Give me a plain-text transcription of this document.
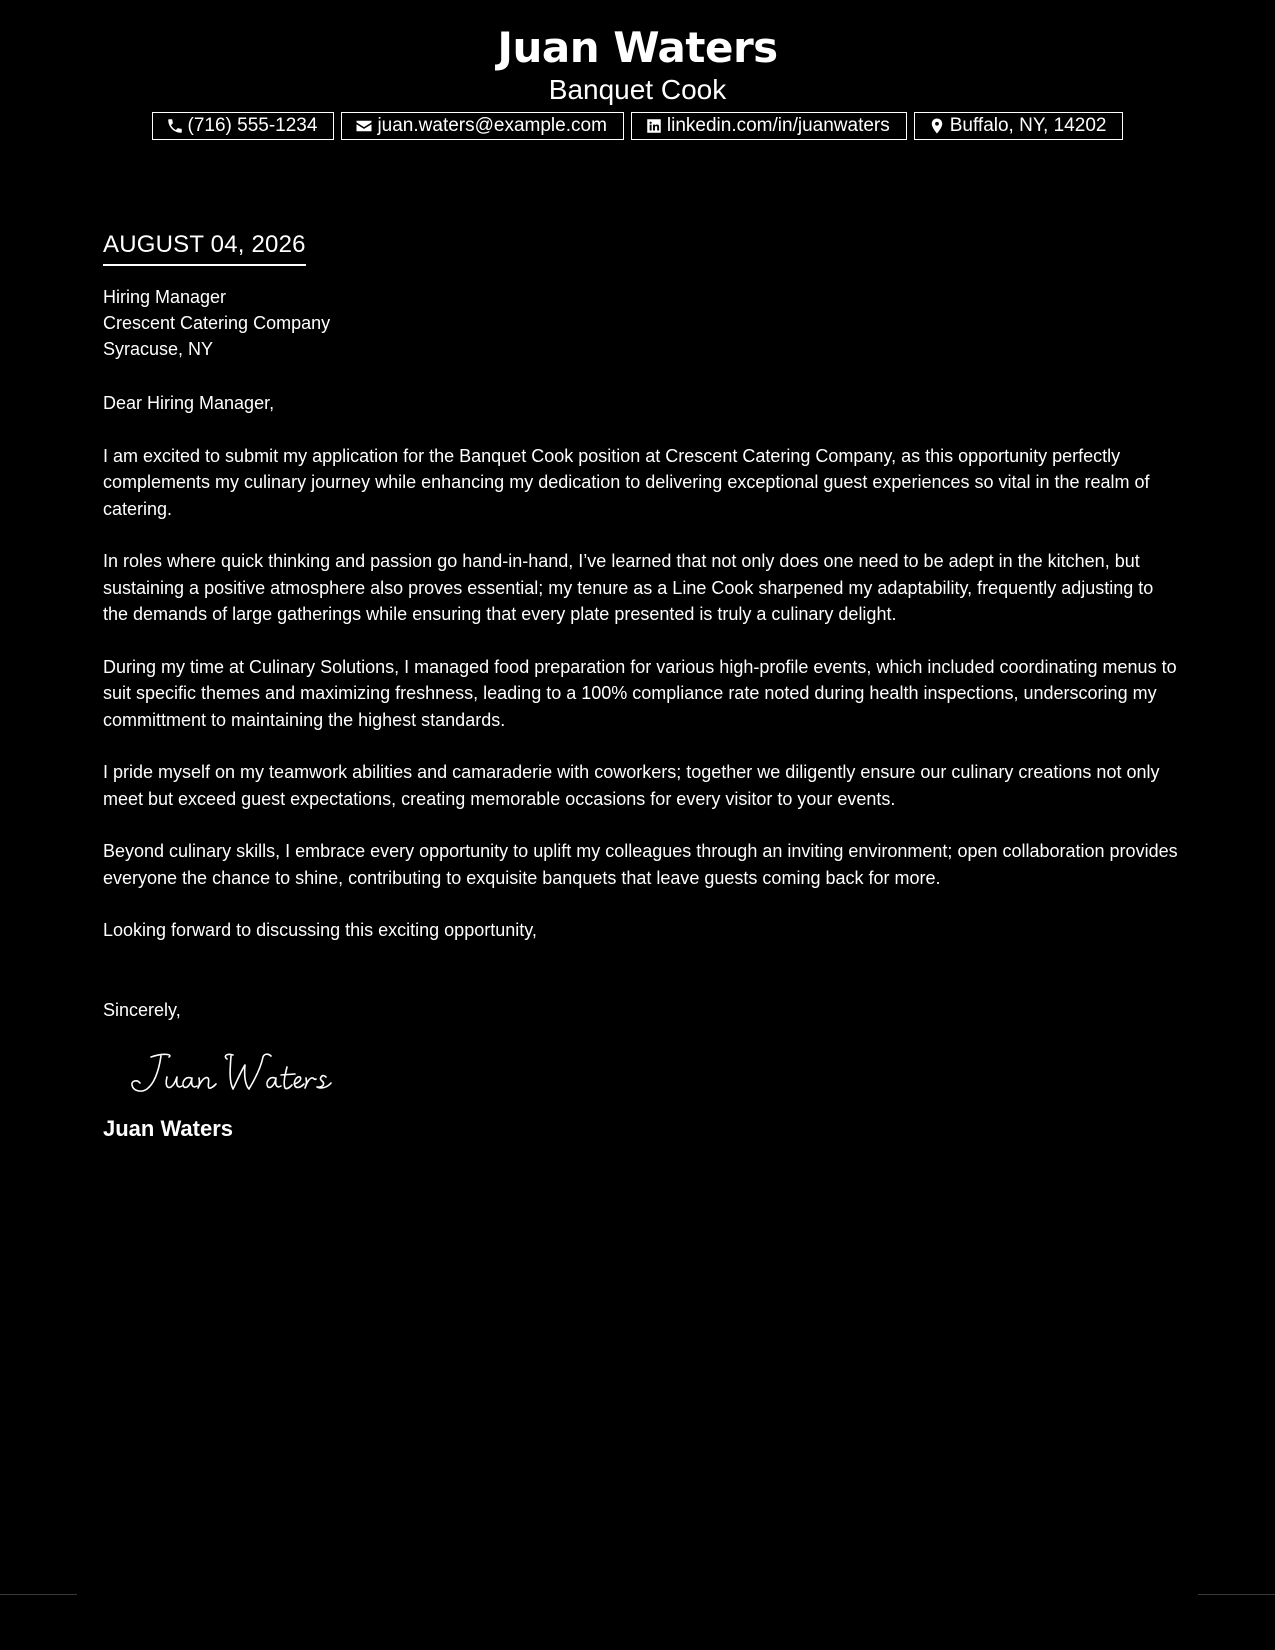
Juan Waters
Banquet Cook
(716) 555-1234	juan.waters@example.com	linkedin.com/in/juanwaters	Buffalo, NY, 14202
AUGUST 04, 2026
Hiring Manager
Crescent Catering Company
Syracuse, NY
Dear Hiring Manager,

I am excited to submit my application for the Banquet Cook position at Crescent Catering Company, as this opportunity perfectly complements my culinary journey while enhancing my dedication to delivering exceptional guest experiences so vital in the realm of catering.

In roles where quick thinking and passion go hand-in-hand, I’ve learned that not only does one need to be adept in the kitchen, but sustaining a positive atmosphere also proves essential; my tenure as a Line Cook sharpened my adaptability, frequently adjusting to the demands of large gatherings while ensuring that every plate presented is truly a culinary delight.

During my time at Culinary Solutions, I managed food preparation for various high-profile events, which included coordinating menus to suit specific themes and maximizing freshness, leading to a 100% compliance rate noted during health inspections, underscoring my committment to maintaining the highest standards.

I pride myself on my teamwork abilities and camaraderie with coworkers; together we diligently ensure our culinary creations not only meet but exceed guest expectations, creating memorable occasions for every visitor to your events.

Beyond culinary skills, I embrace every opportunity to uplift my colleagues through an inviting environment; open collaboration provides everyone the chance to shine, contributing to exquisite banquets that leave guests coming back for more.

Looking forward to discussing this exciting opportunity,
Sincerely,
Juan Waters
